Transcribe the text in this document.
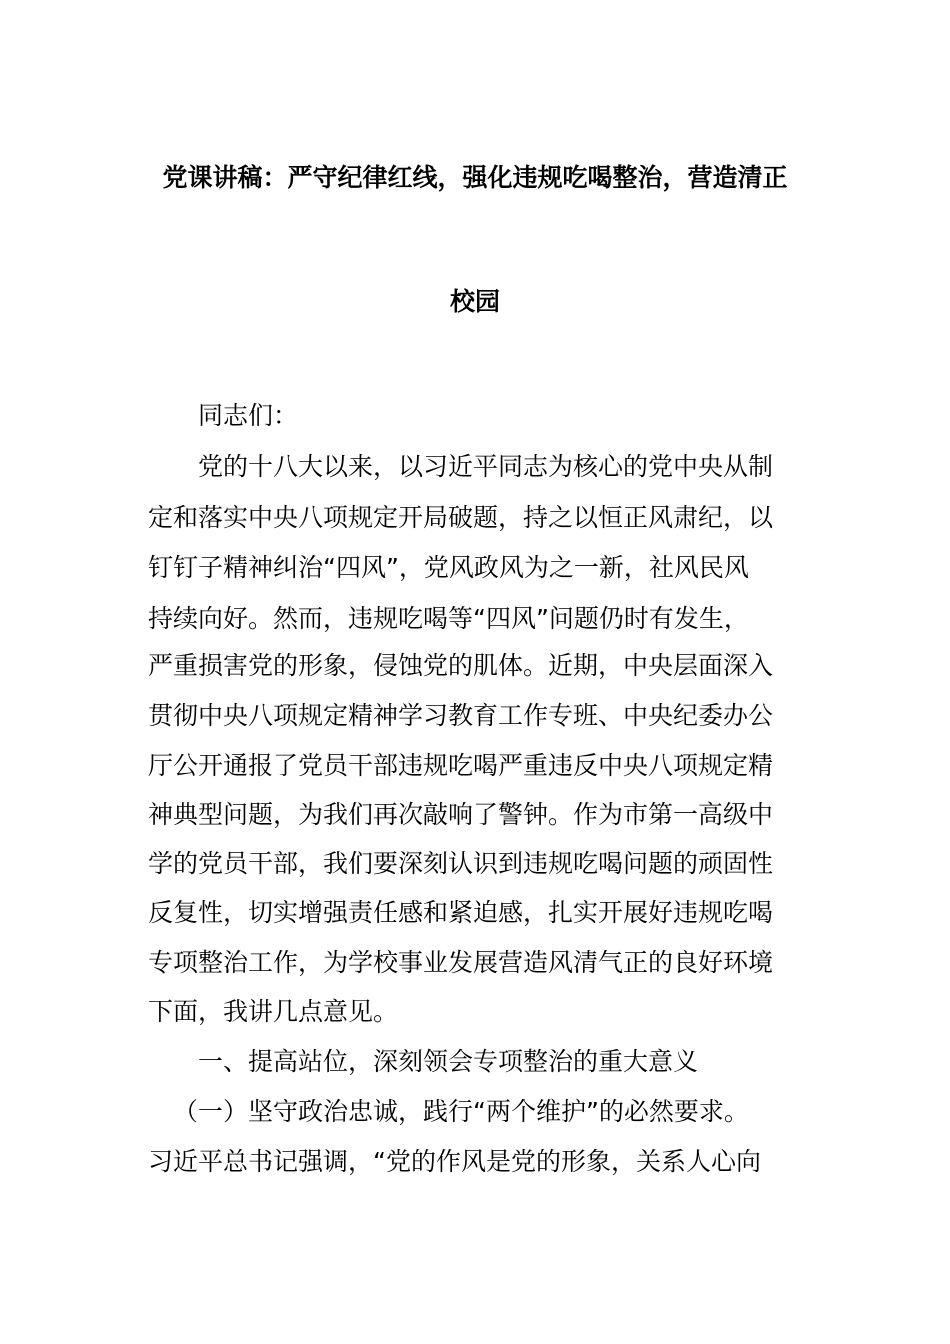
党课讲稿：严守纪律红线，强化违规吃喝整治，营造清正
校园

同志们：

党的十八大以来，以习近平同志为核心的党中央从制

定和落实中央八项规定开局破题，持之以恒正风肃纪，以

钉钉子精神纠治“四风”，党风政风为之一新，社风民风

持续向好。然而，违规吃喝等“四风”问题仍时有发生，

严重损害党的形象，侵蚀党的肌体。近期，中央层面深入

贯彻中央八项规定精神学习教育工作专班、中央纪委办公

厅公开通报了党员干部违规吃喝严重违反中央八项规定精

神典型问题，为我们再次敲响了警钟。作为市第一高级中

学的党员干部，我们要深刻认识到违规吃喝问题的顽固性

反复性，切实增强责任感和紧迫感，扎实开展好违规吃喝

专项整治工作，为学校事业发展营造风清气正的良好环境

下面，我讲几点意见。

一、提高站位，深刻领会专项整治的重大意义

（一）坚守政治忠诚，践行“两个维护”的必然要求。

习近平总书记强调，“党的作风是党的形象，关系人心向
